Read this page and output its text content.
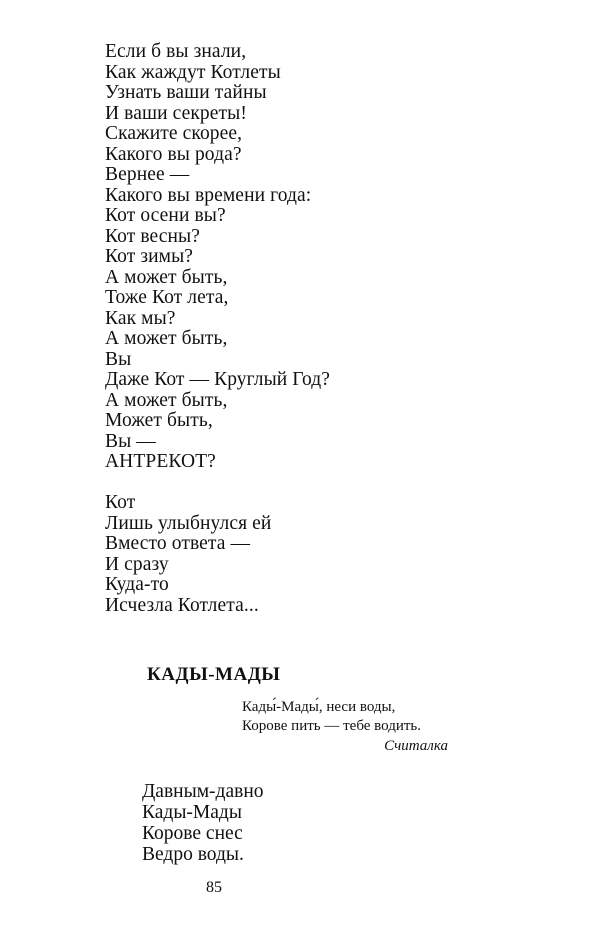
Если б вы знали,
Как жаждут Котлеты
Узнать ваши тайны
И ваши секреты!
Скажите скорее,
Какого вы рода?
Вернее —
Какого вы времени года:
Кот осени вы?
Кот весны?
Кот зимы?
А может быть,
Тоже Кот лета,
Как мы?
А может быть,
Вы
Даже Кот — Круглый Год?
А может быть,
Может быть,
Вы —
АНТРЕКОТ?
Кот
Лишь улыбнулся ей
Вместо ответа —
И сразу
Куда-то
Исчезла Котлета...
КАДЫ-МАДЫ
Кады́-Мады́, неси воды,
Корове пить — тебе водить.
Считалка
Давным-давно
Кады-Мады
Корове снес
Ведро воды.
85
